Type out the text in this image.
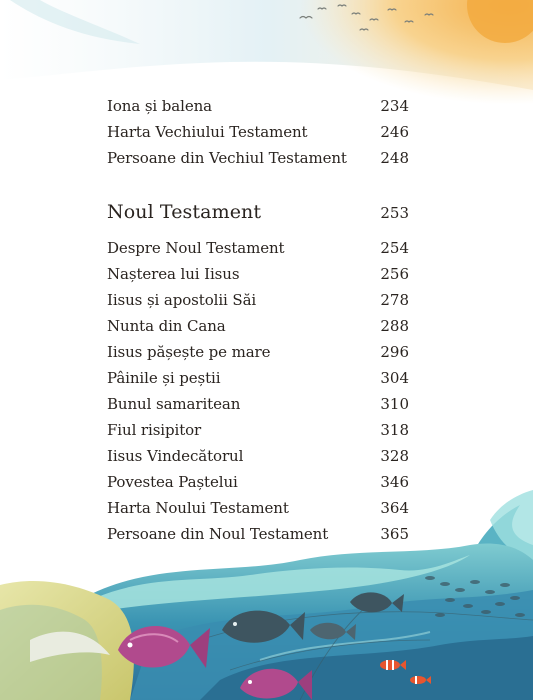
Iona și balena	234
Harta Vechiului Testament	246
Persoane din Vechiul Testament 248
Noul Testament	253
Despre Noul Testament	254
Nașterea lui Iisus	256
Iisus și apostolii Săi	278
Nunta din Cana	288
Iisus pășește pe mare	296
Pâinile și peștii	304
Bunul samaritean	310
Fiul risipitor	318
Iisus Vindecătorul	328
Povestea Paștelui	346
Harta Noului Testament	364
Persoane din Noul Testament	365
